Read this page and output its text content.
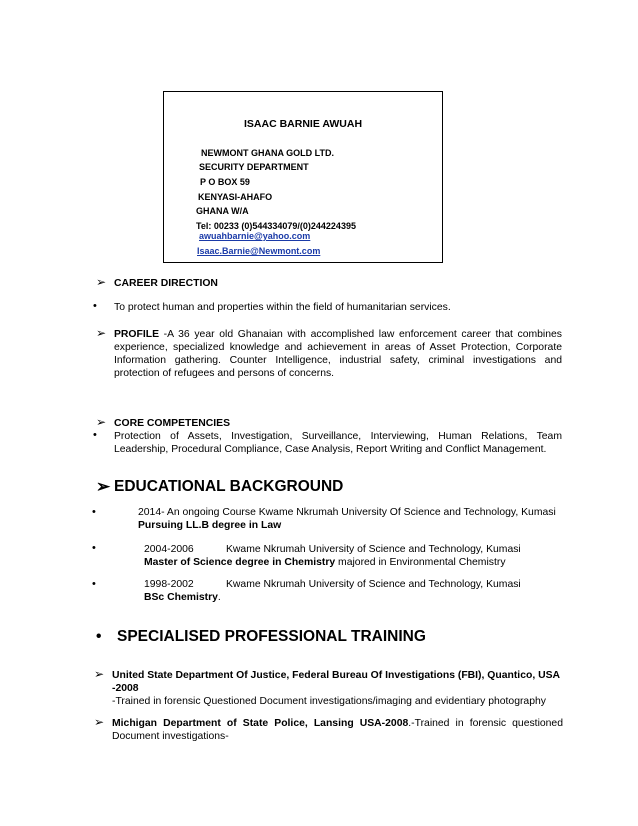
ISAAC BARNIE AWUAH
NEWMONT GHANA GOLD LTD.
SECURITY DEPARTMENT
P O BOX 59
KENYASI-AHAFO
GHANA W/A
Tel: 00233 (0)544334079/(0)244224395
awuahbarnie@yahoo.com
Isaac.Barnie@Newmont.com
➢ CAREER DIRECTION
• To protect human and properties within the field of humanitarian services.
➢ PROFILE -A 36 year old Ghanaian with accomplished law enforcement career that combines experience, specialized knowledge and achievement in areas of Asset Protection, Corporate Information gathering. Counter Intelligence, industrial safety, criminal investigations and protection of refugees and persons of concerns.
➢ CORE COMPETENCIES
• Protection of Assets, Investigation, Surveillance, Interviewing, Human Relations, Team Leadership, Procedural Compliance, Case Analysis, Report Writing and Conflict Management.
➢ EDUCATIONAL BACKGROUND
•	2014- An ongoing Course Kwame Nkrumah University Of Science and Technology, Kumasi
Pursuing LL.B degree in Law
•	2004-2006	Kwame Nkrumah University of Science and Technology, Kumasi
Master of Science degree in Chemistry majored in Environmental Chemistry
•	1998-2002	Kwame Nkrumah University of Science and Technology, Kumasi
BSc Chemistry.
• SPECIALISED PROFESSIONAL TRAINING
➢ United State Department Of Justice, Federal Bureau Of Investigations (FBI), Quantico, USA -2008
-Trained in forensic Questioned Document investigations/imaging and evidentiary photography
➢ Michigan Department of State Police, Lansing USA-2008.-Trained in forensic questioned Document investigations-
